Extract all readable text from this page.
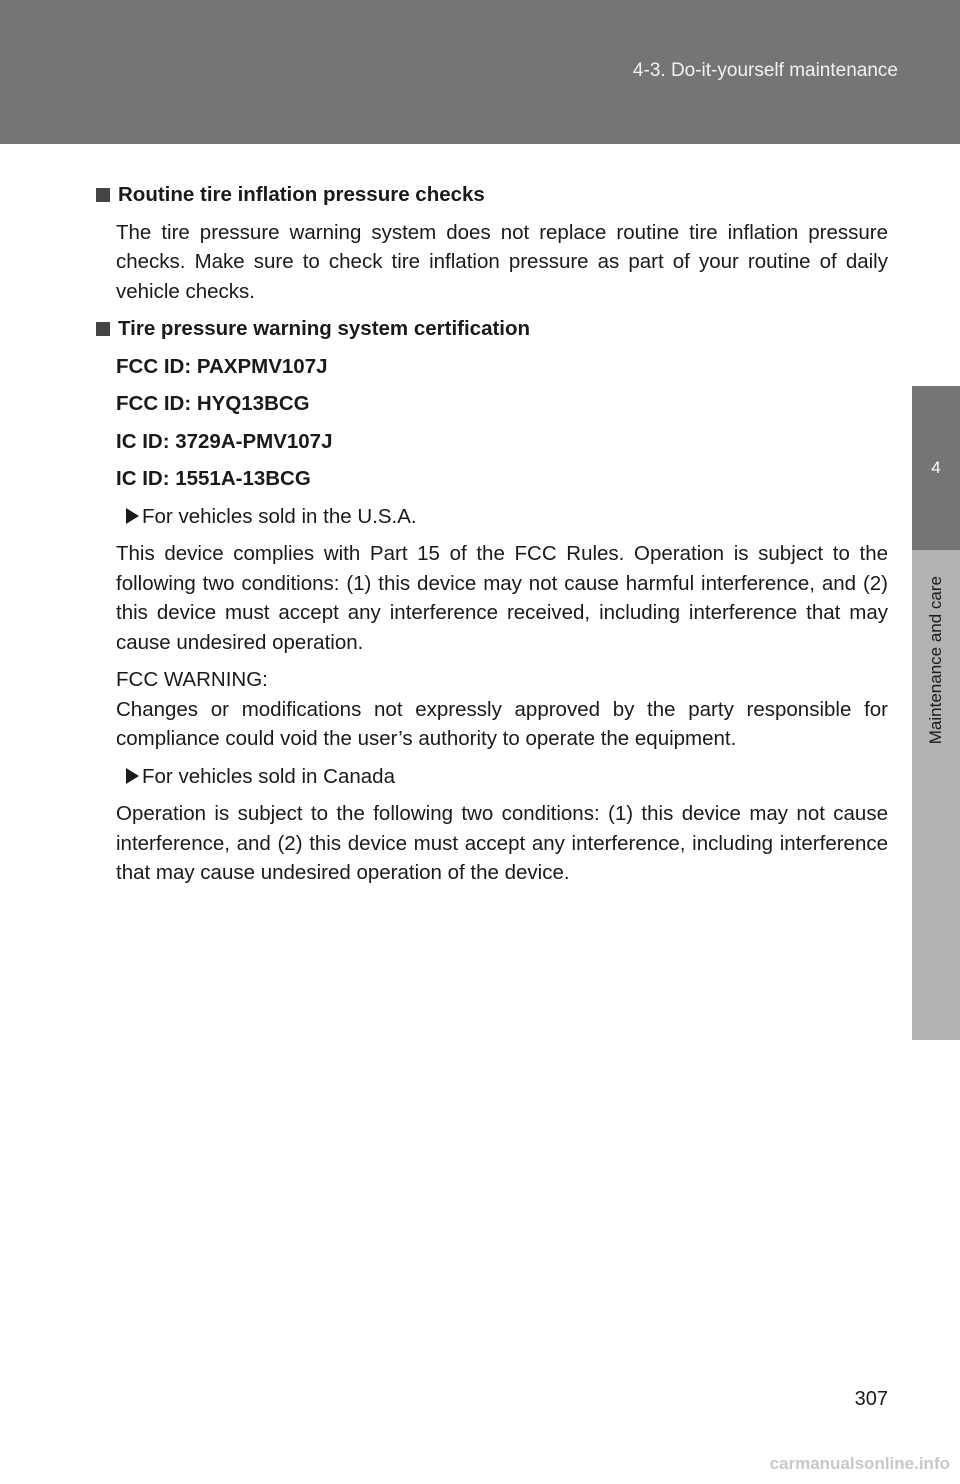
4-3. Do-it-yourself maintenance
4
Maintenance and care
Routine tire inflation pressure checks

The tire pressure warning system does not replace routine tire inflation pressure checks. Make sure to check tire inflation pressure as part of your routine of daily vehicle checks.

Tire pressure warning system certification
FCC ID: PAXPMV107J
FCC ID: HYQ13BCG
IC ID: 3729A-PMV107J
IC ID: 1551A-13BCG
For vehicles sold in the U.S.A.

This device complies with Part 15 of the FCC Rules. Operation is subject to the following two conditions: (1) this device may not cause harmful interference, and (2) this device must accept any interference received, including interference that may cause undesired operation.

FCC WARNING:

Changes or modifications not expressly approved by the party responsible for compliance could void the user’s authority to operate the equipment.

For vehicles sold in Canada

Operation is subject to the following two conditions: (1) this device may not cause interference, and (2) this device must accept any interference, including interference that may cause undesired operation of the device.

307
carmanualsonline.info
